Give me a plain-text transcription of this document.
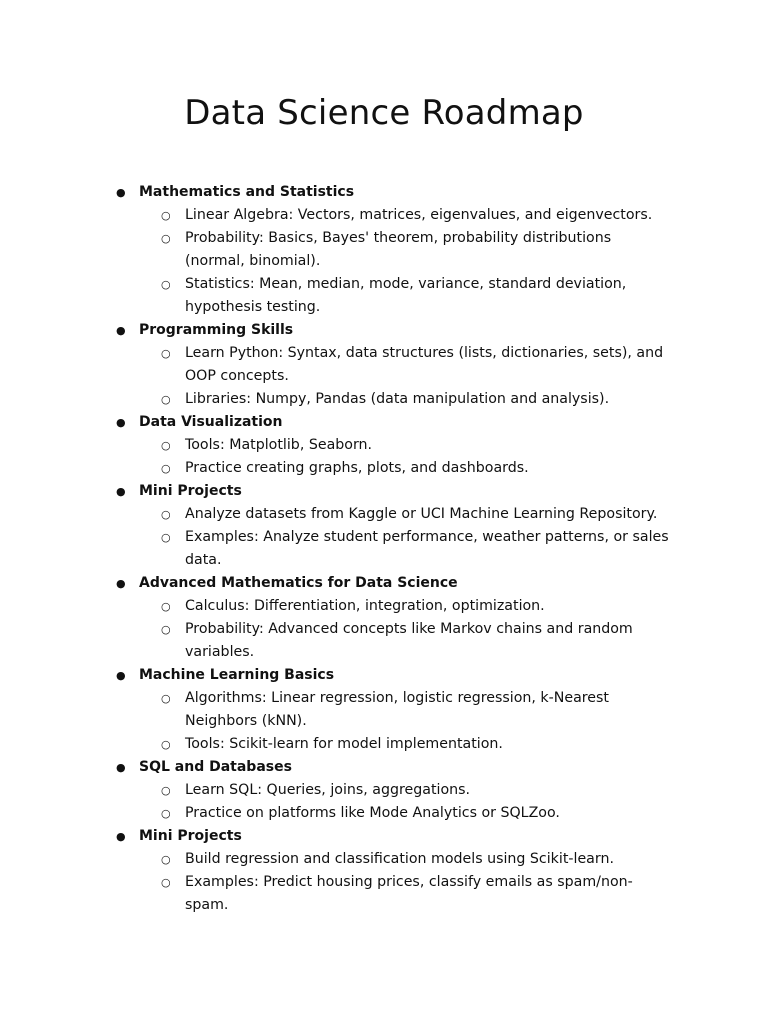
Data Science Roadmap
● Mathematics and Statistics
○ Linear Algebra: Vectors, matrices, eigenvalues, and eigenvectors.
○ Probability: Basics, Bayes' theorem, probability distributions (normal, binomial).
○ Statistics: Mean, median, mode, variance, standard deviation, hypothesis testing.
● Programming Skills
○ Learn Python: Syntax, data structures (lists, dictionaries, sets), and OOP concepts.
○ Libraries: Numpy, Pandas (data manipulation and analysis).
● Data Visualization
○ Tools: Matplotlib, Seaborn.
○ Practice creating graphs, plots, and dashboards.
● Mini Projects
○ Analyze datasets from Kaggle or UCI Machine Learning Repository.
○ Examples: Analyze student performance, weather patterns, or sales data.
● Advanced Mathematics for Data Science
○ Calculus: Differentiation, integration, optimization.
○ Probability: Advanced concepts like Markov chains and random variables.
● Machine Learning Basics
○ Algorithms: Linear regression, logistic regression, k-Nearest Neighbors (kNN).
○ Tools: Scikit-learn for model implementation.
● SQL and Databases
○ Learn SQL: Queries, joins, aggregations.
○ Practice on platforms like Mode Analytics or SQLZoo.
● Mini Projects
○ Build regression and classification models using Scikit-learn.
○ Examples: Predict housing prices, classify emails as spam/non-spam.
